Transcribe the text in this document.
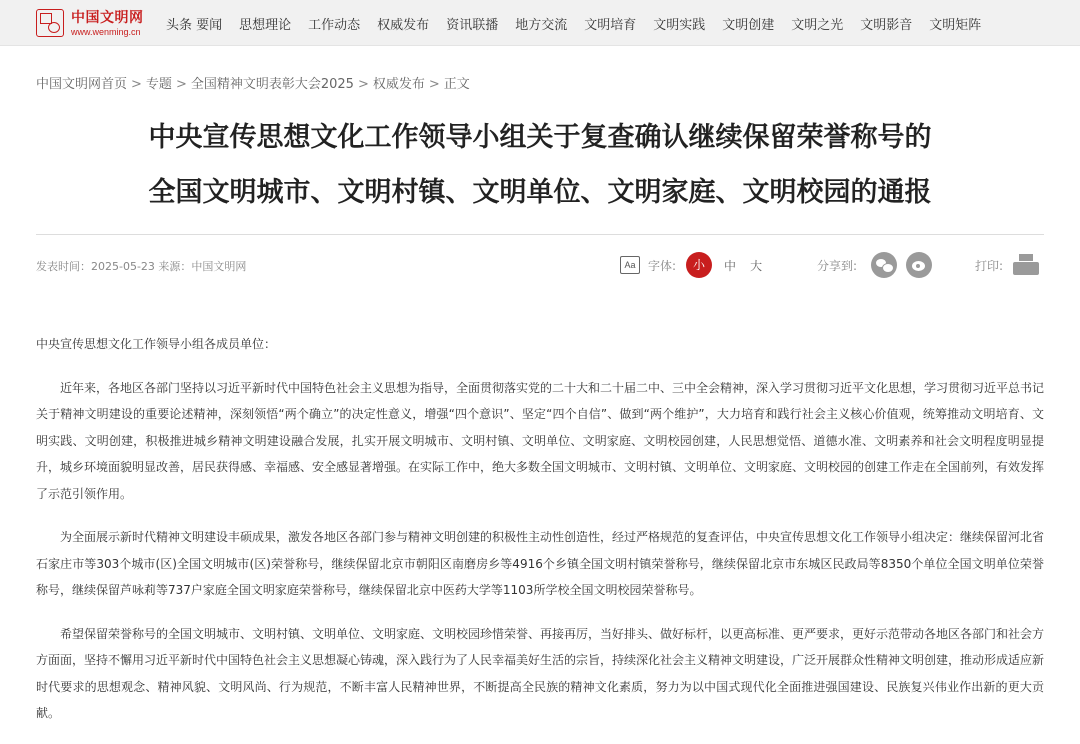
中国文明网
www.wenming.cn 头条 要闻 思想理论 工作动态 权威发布 资讯联播 地方交流 文明培育 文明实践 文明创建 文明之光 文明影音 文明矩阵
中国文明网首页 > 专题 > 全国精神文明表彰大会2025 > 权威发布 > 正文
中央宣传思想文化工作领导小组关于复查确认继续保留荣誉称号的
全国文明城市、文明村镇、文明单位、文明家庭、文明校园的通报
发表时间：2025-05-23 来源：中国文明网	Aa	字体:	小	中 大	分享到:	打印:

中央宣传思想文化工作领导小组各成员单位：

近年来，各地区各部门坚持以习近平新时代中国特色社会主义思想为指导，全面贯彻落实党的二十大和二十届二中、三中全会精神，深入学习贯彻习近平文化思想，学习贯彻习近平总书记关于精神文明建设的重要论述精神，深刻领悟“两个确立”的决定性意义，增强“四个意识”、坚定“四个自信”、做到“两个维护”，大力培育和践行社会主义核心价值观，统筹推动文明培育、文明实践、文明创建，积极推进城乡精神文明建设融合发展，扎实开展文明城市、文明村镇、文明单位、文明家庭、文明校园创建，人民思想觉悟、道德水准、文明素养和社会文明程度明显提升，城乡环境面貌明显改善，居民获得感、幸福感、安全感显著增强。在实际工作中，绝大多数全国文明城市、文明村镇、文明单位、文明家庭、文明校园的创建工作走在全国前列，有效发挥了示范引领作用。

为全面展示新时代精神文明建设丰硕成果，激发各地区各部门参与精神文明创建的积极性主动性创造性，经过严格规范的复查评估，中央宣传思想文化工作领导小组决定：继续保留河北省石家庄市等303个城市(区)全国文明城市(区)荣誉称号，继续保留北京市朝阳区南磨房乡等4916个乡镇全国文明村镇荣誉称号，继续保留北京市东城区民政局等8350个单位全国文明单位荣誉称号，继续保留芦咏莉等737户家庭全国文明家庭荣誉称号，继续保留北京中医药大学等1103所学校全国文明校园荣誉称号。

希望保留荣誉称号的全国文明城市、文明村镇、文明单位、文明家庭、文明校园珍惜荣誉、再接再厉，当好排头、做好标杆，以更高标准、更严要求，更好示范带动各地区各部门和社会方方面面，坚持不懈用习近平新时代中国特色社会主义思想凝心铸魂，深入践行为了人民幸福美好生活的宗旨，持续深化社会主义精神文明建设，广泛开展群众性精神文明创建，推动形成适应新时代要求的思想观念、精神风貌、文明风尚、行为规范，不断丰富人民精神世界，不断提高全民族的精神文化素质，努力为以中国式现代化全面推进强国建设、民族复兴伟业作出新的更大贡献。
